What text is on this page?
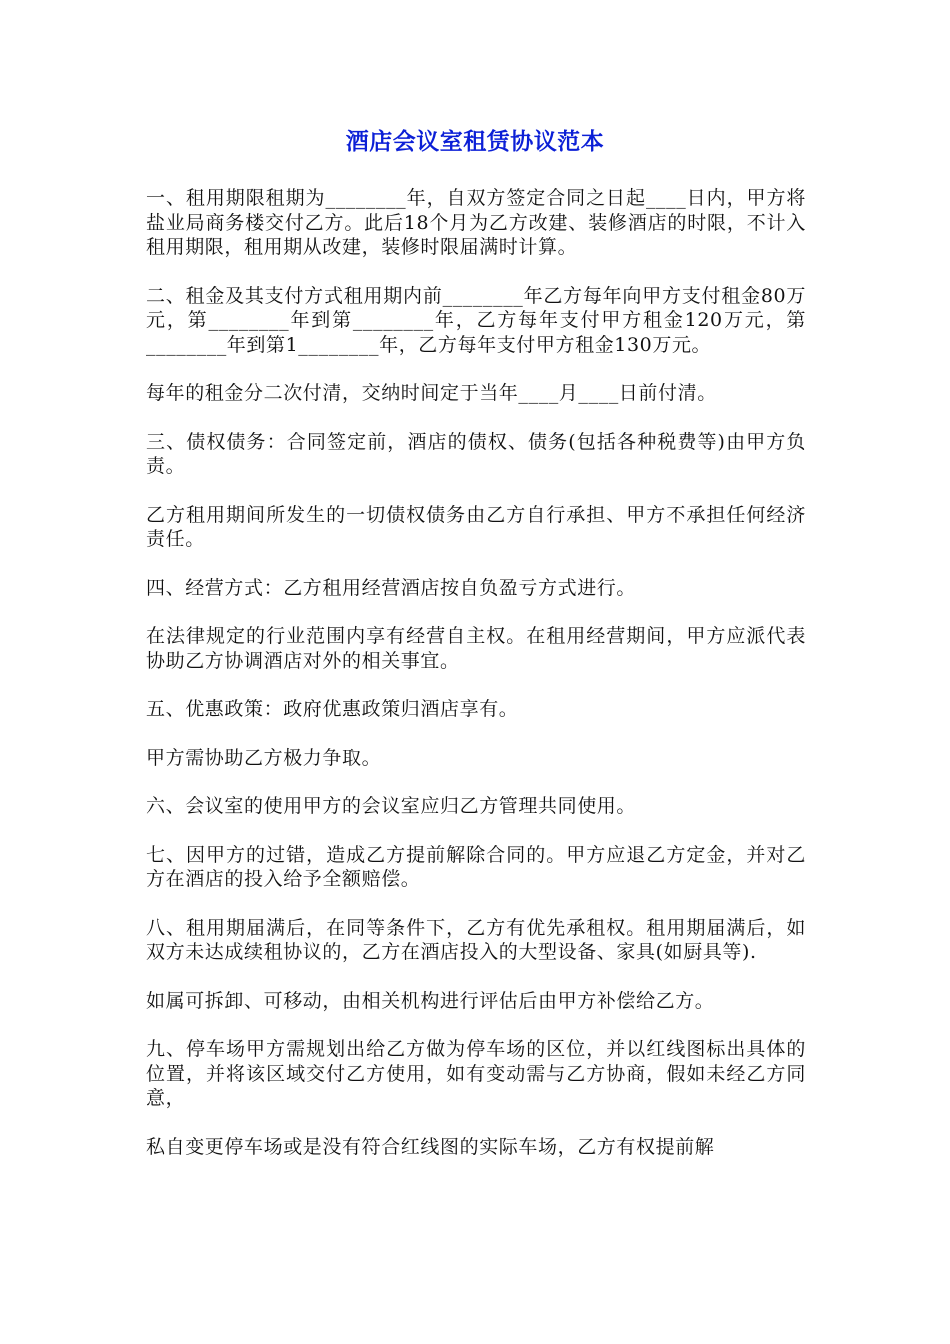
酒店会议室租赁协议范本

一、租用期限租期为________年，自双方签定合同之日起____日内，甲方将盐业局商务楼交付乙方。此后18个月为乙方改建、装修酒店的时限，不计入租用期限，租用期从改建，装修时限届满时计算。

二、租金及其支付方式租用期内前________年乙方每年向甲方支付租金80万元，第________年到第________年，乙方每年支付甲方租金120万元，第________年到第1________年，乙方每年支付甲方租金130万元。

每年的租金分二次付清，交纳时间定于当年____月____日前付清。

三、债权债务：合同签定前，酒店的债权、债务(包括各种税费等)由甲方负责。

乙方租用期间所发生的一切债权债务由乙方自行承担、甲方不承担任何经济责任。

四、经营方式：乙方租用经营酒店按自负盈亏方式进行。

在法律规定的行业范围内享有经营自主权。在租用经营期间，甲方应派代表协助乙方协调酒店对外的相关事宜。

五、优惠政策：政府优惠政策归酒店享有。

甲方需协助乙方极力争取。

六、会议室的使用甲方的会议室应归乙方管理共同使用。

七、因甲方的过错，造成乙方提前解除合同的。甲方应退乙方定金，并对乙方在酒店的投入给予全额赔偿。

八、租用期届满后，在同等条件下，乙方有优先承租权。租用期届满后，如双方未达成续租协议的，乙方在酒店投入的大型设备、家具(如厨具等).

如属可拆卸、可移动，由相关机构进行评估后由甲方补偿给乙方。

九、停车场甲方需规划出给乙方做为停车场的区位，并以红线图标出具体的位置，并将该区域交付乙方使用，如有变动需与乙方协商，假如未经乙方同意，

私自变更停车场或是没有符合红线图的实际车场，乙方有权提前解
